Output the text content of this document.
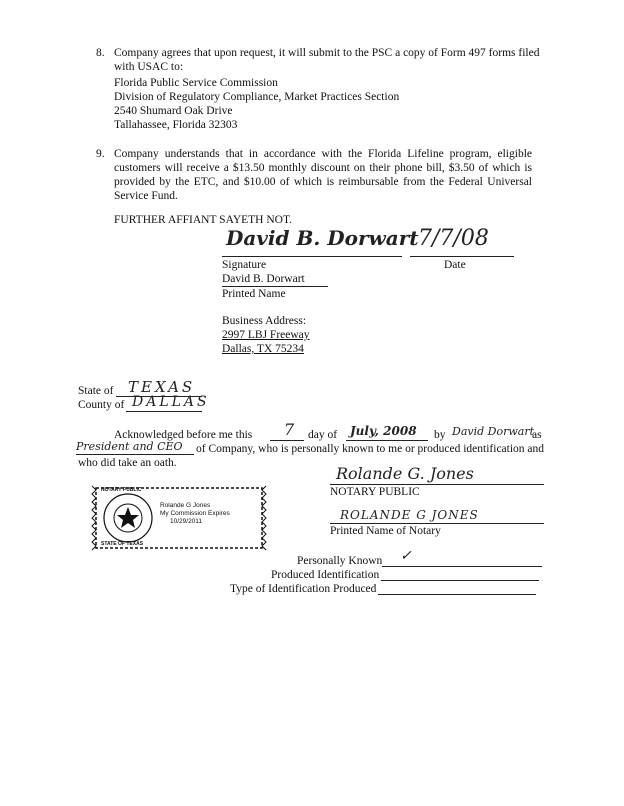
8. Company agrees that upon request, it will submit to the PSC a copy of Form 497 forms filed
with USAC to:
Florida Public Service Commission
Division of Regulatory Compliance, Market Practices Section
2540 Shumard Oak Drive
Tallahassee, Florida 32303
9. Company understands that in accordance with the Florida Lifeline program, eligible customers will receive a $13.50 monthly discount on their phone bill, $3.50 of which is provided by the ETC, and $10.00 of which is reimbursable from the Federal Universal Service Fund.
FURTHER AFFIANT SAYETH NOT.
David B. Dorwart 7/7/08
Signature	Date
David B. Dorwart
Printed Name
Business Address:
2997 LBJ Freeway
Dallas, TX 75234
State of TEXAS
County of DALLAS
Acknowledged before me this 7 day of July, 2008 by David Dorwart
as
President and CEO of Company, who is personally known to me or produced identification and
who did take an oath.
Rolande G. Jones
NOTARY PUBLIC
ROLANDE G JONES
Printed Name of Notary
Personally Known ✓
Produced Identification
Type of Identification Produced
NOTARY PUBLIC
STATE OF TEXAS
Rolande G Jones
My Commission Expires
10/29/2011
